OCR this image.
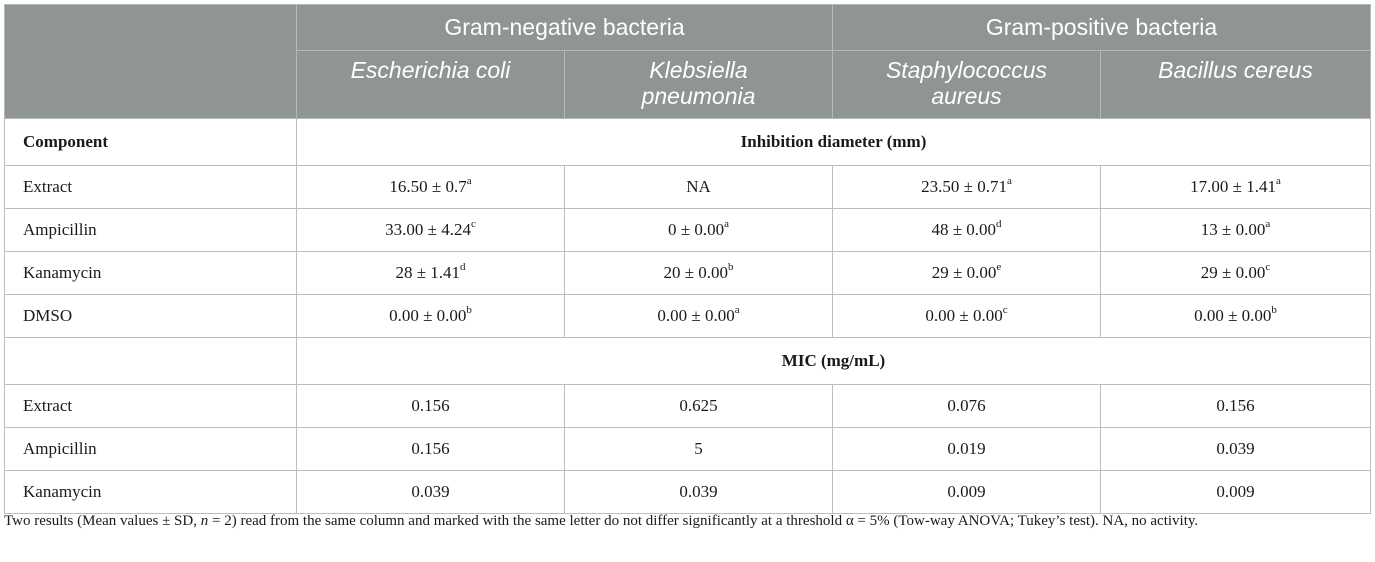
	Gram-negative bacteria		Gram-positive bacteria	
	Escherichia coli	Klebsiella pneumonia	Staphylococcus aureus	Bacillus cereus
Component	Inhibition diameter (mm)			
Extract	16.50 ± 0.7$^a$	NA	23.50 ± 0.71$^a$	17.00 ± 1.41$^a$
Ampicillin	33.00 ± 4.24$^c$	0 ± 0.00$^a$	48 ± 0.00$^d$	13 ± 0.00$^a$
Kanamycin	28 ± 1.41$^d$	20 ± 0.00$^b$	29 ± 0.00$^e$	29 ± 0.00$^c$
DMSO	0.00 ± 0.00$^b$	0.00 ± 0.00$^a$	0.00 ± 0.00$^c$	0.00 ± 0.00$^b$
	MIC (mg/mL)			
Extract	0.156	0.625	0.076	0.156
Ampicillin	0.156	5	0.019	0.039
Kanamycin	0.039	0.039	0.009	0.009
Two results (Mean values ± SD, n = 2) read from the same column and marked with the same letter do not differ significantly at a threshold α = 5% (Tow-way ANOVA; Tukey’s test). NA, no activity.
